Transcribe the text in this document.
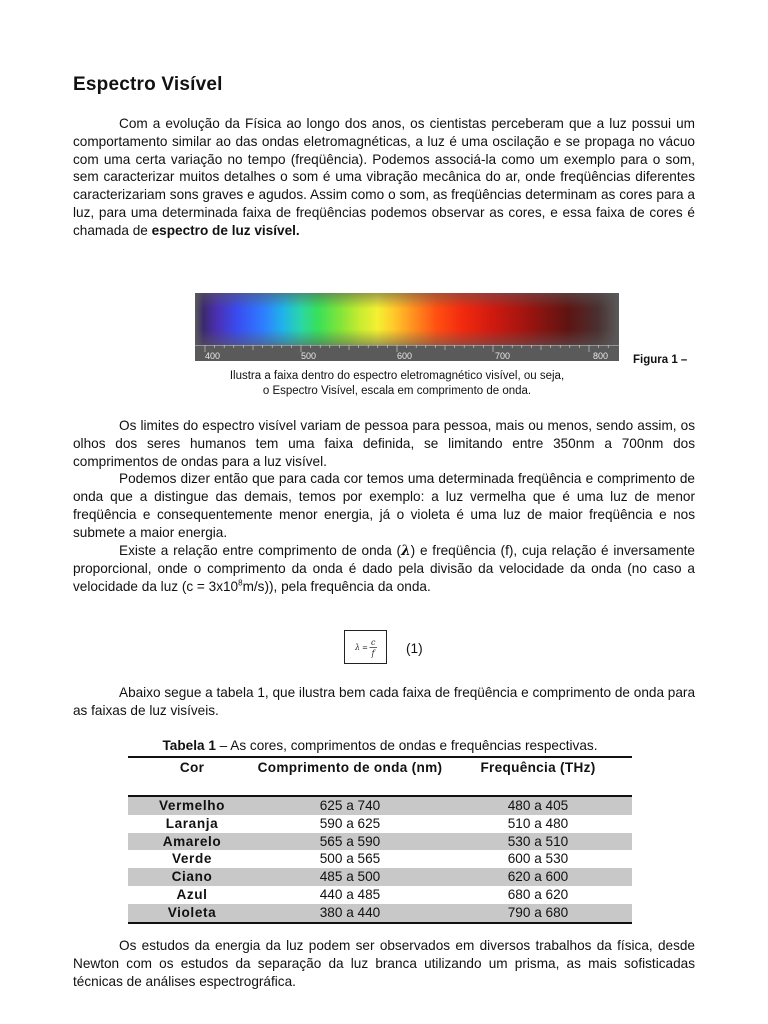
Espectro Visível

Com a evolução da Física ao longo dos anos, os cientistas perceberam que a luz possui um comportamento similar ao das ondas eletromagnéticas, a luz é uma oscilação e se propaga no vácuo com uma certa variação no tempo (freqüência). Podemos associá-la como um exemplo para o som, sem caracterizar muitos detalhes o som é uma vibração mecânica do ar, onde freqüências diferentes caracterizariam sons graves e agudos. Assim como o som, as freqüências determinam as cores para a luz, para uma determinada faixa de freqüências podemos observar as cores, e essa faixa de cores é chamada de espectro de luz visível.

400	500	600	700	800 Figura 1 –
Ilustra a faixa dentro do espectro eletromagnético visível, ou seja,
o Espectro Visível, escala em comprimento de onda.

Os limites do espectro visível variam de pessoa para pessoa, mais ou menos, sendo assim, os olhos dos seres humanos tem uma faixa definida, se limitando entre 350nm a 700nm dos comprimentos de ondas para a luz visível.

Podemos dizer então que para cada cor temos uma determinada freqüência e comprimento de onda que a distingue das demais, temos por exemplo: a luz vermelha que é uma luz de menor freqüência e consequentemente menor energia, já o violeta é uma luz de maior freqüência e nos submete a maior energia.

Existe a relação entre comprimento de onda (λ) e freqüência (f), cuja relação é inversamente proporcional, onde o comprimento da onda é dado pela divisão da velocidade da onda (no caso a velocidade da luz $(c = 3x10^8m/s)$), pela frequência da onda.

λ =
c
f (1)

Abaixo segue a tabela 1, que ilustra bem cada faixa de freqüência e comprimento de onda para as faixas de luz visíveis.

Tabela 1 – As cores, comprimentos de ondas e frequências respectivas.
Cor	Comprimento de onda (nm)	Frequência (THz)
Vermelho	625 a 740	480 a 405
Laranja	590 a 625	510 a 480
Amarelo	565 a 590	530 a 510
Verde	500 a 565	600 a 530
Ciano	485 a 500	620 a 600
Azul	440 a 485	680 a 620
Violeta	380 a 440	790 a 680

Os estudos da energia da luz podem ser observados em diversos trabalhos da física, desde Newton com os estudos da separação da luz branca utilizando um prisma, as mais sofisticadas técnicas de análises espectrográfica.
